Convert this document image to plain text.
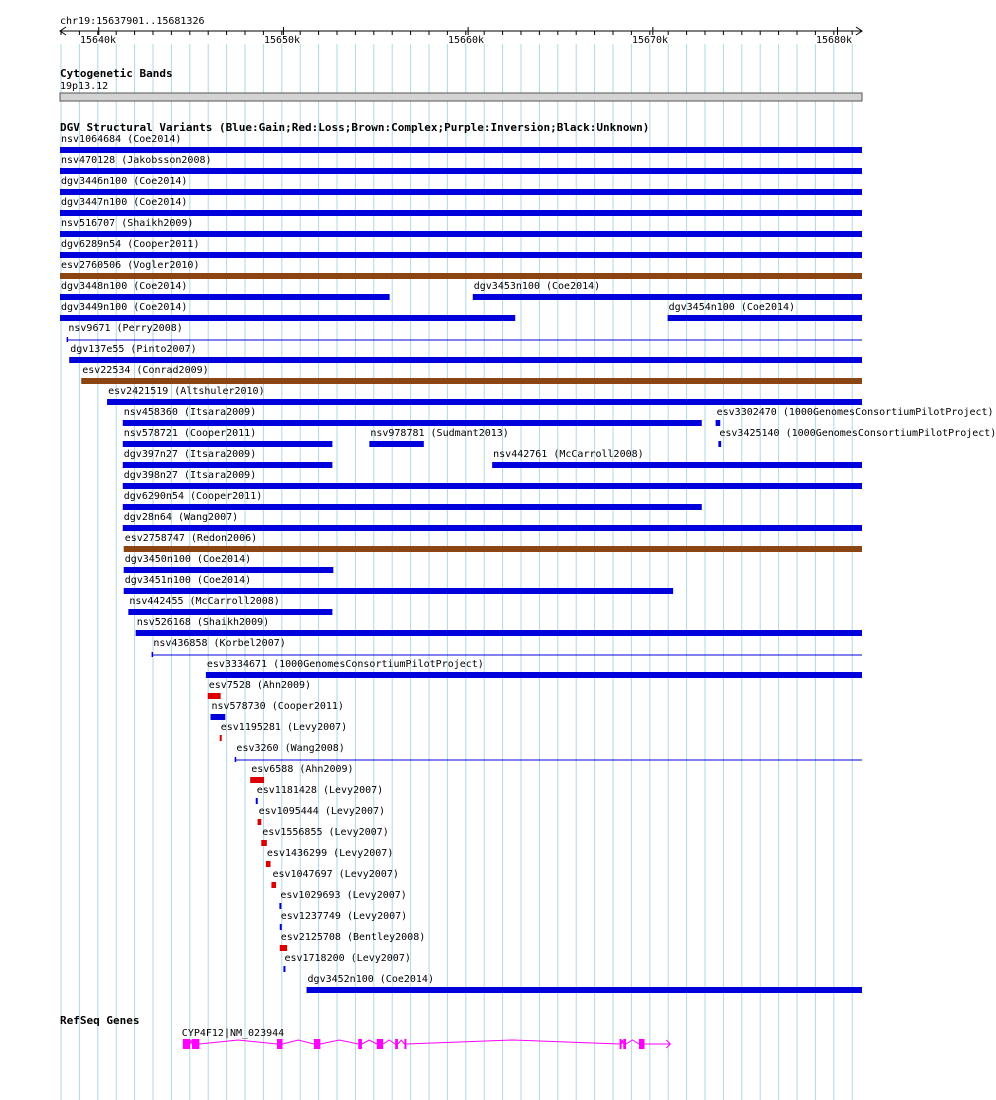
chr19:15637901..15681326
15640k	15650k	15660k	15670k	15680k
Cytogenetic Bands
19p13.12
DGV Structural Variants (Blue:Gain;Red:Loss;Brown:Complex;Purple:Inversion;Black:Unknown)
RefSeq Genes
nsv1064684 (Coe2014)
nsv470128 (Jakobsson2008)
dgv3446n100 (Coe2014)
dgv3447n100 (Coe2014)
nsv516707 (Shaikh2009)
dgv6289n54 (Cooper2011)
esv2760506 (Vogler2010)
dgv3448n100 (Coe2014)	dgv3453n100 (Coe2014)
dgv3449n100 (Coe2014)	dgv3454n100 (Coe2014)
nsv9671 (Perry2008)
dgv137e55 (Pinto2007)
esv22534 (Conrad2009)
esv2421519 (Altshuler2010)
nsv458360 (Itsara2009)	esv3302470 (1000GenomesConsortiumPilotProject)
nsv578721 (Cooper2011)	nsv978781 (Sudmant2013)	esv3425140 (1000GenomesConsortiumPilotProject)
dgv397n27 (Itsara2009)	nsv442761 (McCarroll2008)
dgv398n27 (Itsara2009)
dgv6290n54 (Cooper2011)
dgv28n64 (Wang2007)
esv2758747 (Redon2006)
dgv3450n100 (Coe2014)
dgv3451n100 (Coe2014)
nsv442455 (McCarroll2008)
nsv526168 (Shaikh2009)
nsv436858 (Korbel2007)
esv3334671 (1000GenomesConsortiumPilotProject)
esv7528 (Ahn2009)
nsv578730 (Cooper2011)
esv1195281 (Levy2007)
esv3260 (Wang2008)
esv6588 (Ahn2009)
esv1181428 (Levy2007)
esv1095444 (Levy2007)
esv1556855 (Levy2007)
esv1436299 (Levy2007)
esv1047697 (Levy2007)
esv1029693 (Levy2007)
esv1237749 (Levy2007)
esv2125708 (Bentley2008)
esv1718200 (Levy2007)
dgv3452n100 (Coe2014)
CYP4F12|NM_023944
